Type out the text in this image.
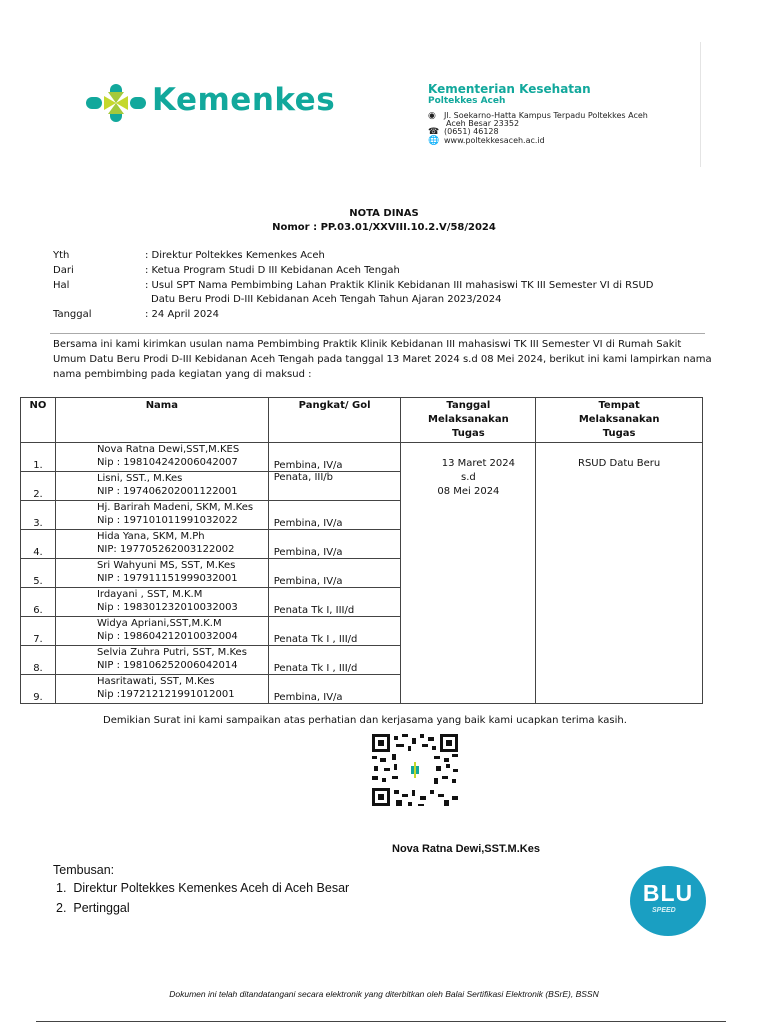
Kemenkes	Kementerian Kesehatan
Poltekkes Aceh
◉ Jl. Soekarno-Hatta Kampus Terpadu Poltekkes Aceh
Aceh Besar 23352
☎ (0651) 46128
🌐 www.poltekkesaceh.ac.id
NOTA DINAS
Nomor : PP.03.01/XXVIII.10.2.V/58/2024
Yth	: Direktur Poltekkes Kemenkes Aceh
Dari	: Ketua Program Studi D III Kebidanan Aceh Tengah
Hal	: Usul SPT Nama Pembimbing Lahan Praktik Klinik Kebidanan III mahasiswi TK III Semester VI di RSUD
Datu Beru Prodi D-III Kebidanan Aceh Tengah Tahun Ajaran 2023/2024
Tanggal	: 24 April 2024
Bersama ini kami kirimkan usulan nama Pembimbing Praktik Klinik Kebidanan III mahasiswi TK III Semester VI di Rumah Sakit Umum Datu Beru Prodi D-III Kebidanan Aceh Tengah pada tanggal 13 Maret 2024 s.d 08 Mei 2024, berikut ini kami lampirkan nama nama pembimbing pada kegiatan yang di maksud :
NO	Nama	Pangkat/ Gol	Tanggal
Melaksanakan
Tugas	Tempat
Melaksanakan
Tugas
1.	Nova Ratna Dewi,SST,M.KES
Nip : 198104242006042007	Pembina, IV/a	13 Maret 2024
s.d
08 Mei 2024	RSUD Datu Beru
2.	Lisni, SST., M.Kes
NIP : 197406202001122001	Penata, III/b		
3.	Hj. Barirah Madeni, SKM, M.Kes
Nip : 197101011991032022	Pembina, IV/a		
4.	Hida Yana, SKM, M.Ph
NIP: 197705262003122002	Pembina, IV/a		
5.	Sri Wahyuni MS, SST, M.Kes
NIP : 197911151999032001	Pembina, IV/a		
6.	Irdayani , SST, M.K.M
Nip : 198301232010032003	Penata Tk I, III/d		
7.	Widya Apriani,SST,M.K.M
Nip : 198604212010032004	Penata Tk I , III/d		
8.	Selvia Zuhra Putri, SST, M.Kes
NIP : 198106252006042014	Penata Tk I , III/d		
9.	Hasritawati, SST, M.Kes
Nip :197212121991012001	Pembina, IV/a		
Demikian Surat ini kami sampaikan atas perhatian dan kerjasama yang baik kami ucapkan terima kasih.
Nova Ratna Dewi,SST.M.Kes
Tembusan:
1.  Direktur Poltekkes Kemenkes Aceh di Aceh Besar
2.  Pertinggal
BLU
SPEED
Dokumen ini telah ditandatangani secara elektronik yang diterbitkan oleh Balai Sertifikasi Elektronik (BSrE), BSSN
